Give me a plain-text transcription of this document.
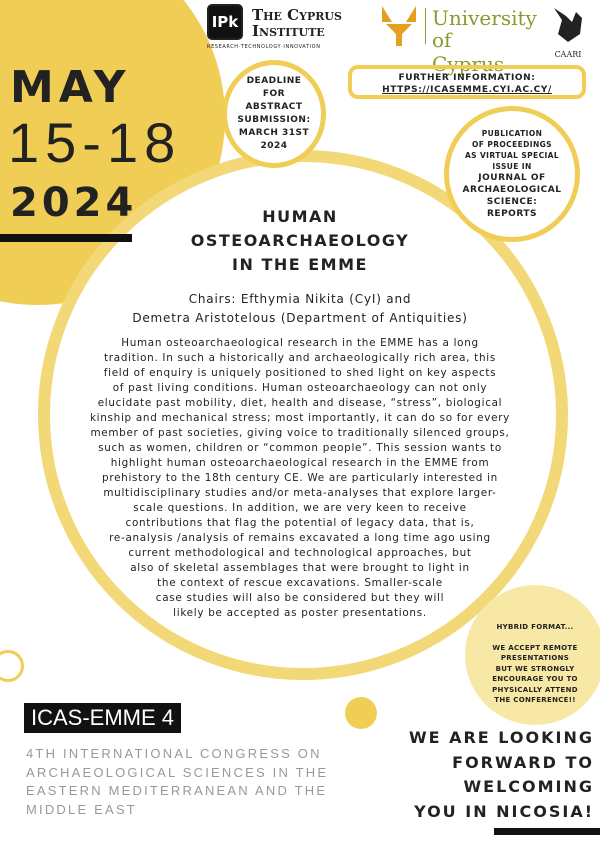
IPk The Cyprus
Institute
RESEARCH·TECHNOLOGY·INNOVATION
University
of Cyprus	CAARI
MAY
15-18
2024
DEADLINE
FOR
ABSTRACT
SUBMISSION:
MARCH 31ST
2024
FURTHER INFORMATION:
HTTPS://ICASEMME.CYI.AC.CY/
PUBLICATION
OF PROCEEDINGS
AS VIRTUAL SPECIAL
ISSUE IN
JOURNAL OF
ARCHAEOLOGICAL
SCIENCE:
REPORTS
HUMAN
OSTEOARCHAEOLOGY
IN THE EMME
Chairs: Efthymia Nikita (CyI) and
Demetra Aristotelous (Department of Antiquities)
Human osteoarchaeological research in the EMME has a long
tradition. In such a historically and archaeologically rich area, this
field of enquiry is uniquely positioned to shed light on key aspects
of past living conditions. Human osteoarchaeology can not only
elucidate past mobility, diet, health and disease, “stress”, biological
kinship and mechanical stress; most importantly, it can do so for every
member of past societies, giving voice to traditionally silenced groups,
such as women, children or “common people”. This session wants to
highlight human osteoarchaeological research in the EMME from
prehistory to the 18th century CE. We are particularly interested in
multidisciplinary studies and/or meta-analyses that explore larger-
scale questions. In addition, we are very keen to receive
contributions that flag the potential of legacy data, that is,
re-analysis /analysis of remains excavated a long time ago using
current methodological and technological approaches, but
also of skeletal assemblages that were brought to light in
the context of rescue excavations. Smaller-scale
case studies will also be considered but they will
likely be accepted as poster presentations.
HYBRID FORMAT...
WE ACCEPT REMOTE
PRESENTATIONS
BUT WE STRONGLY
ENCOURAGE YOU TO
PHYSICALLY ATTEND
THE CONFERENCE!!
ICAS-EMME 4
4TH INTERNATIONAL CONGRESS ON
ARCHAEOLOGICAL SCIENCES IN THE
EASTERN MEDITERRANEAN AND THE
MIDDLE EAST
WE ARE LOOKING
FORWARD TO
WELCOMING
YOU IN NICOSIA!
